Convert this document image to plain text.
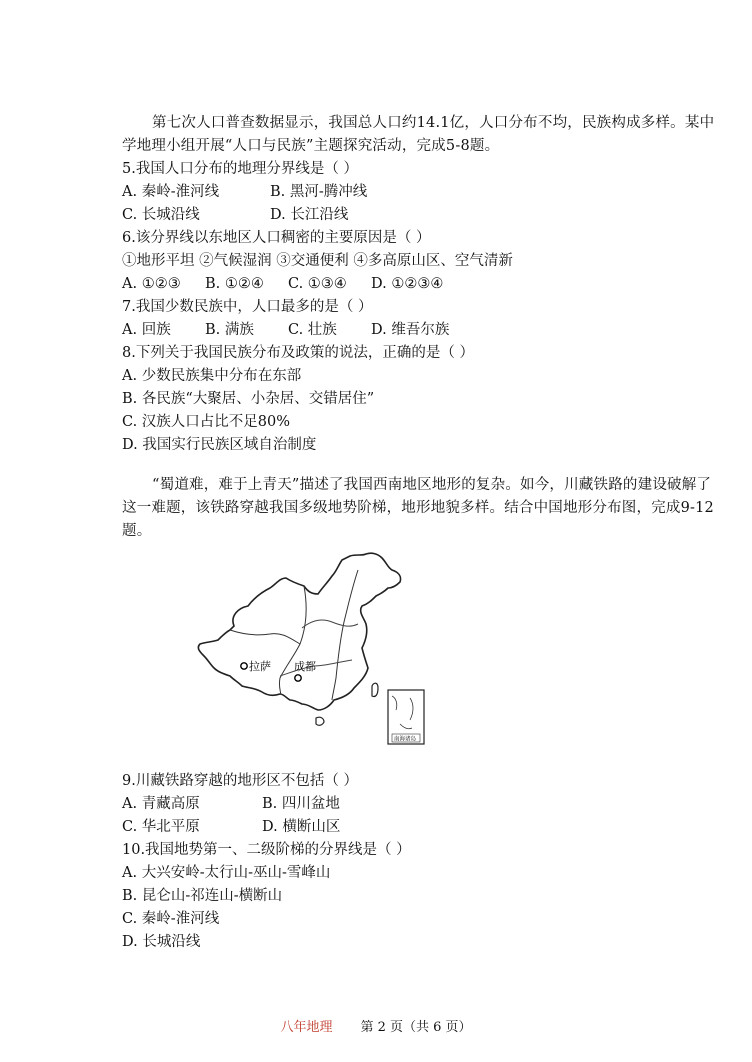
第七次人口普查数据显示，我国总人口约14.1亿，人口分布不均，民族构成多样。某中学地理小组开展“人口与民族”主题探究活动，完成5-8题。
5.我国人口分布的地理分界线是（ ）
A. 秦岭-淮河线	B. 黑河-腾冲线
C. 长城沿线	D. 长江沿线
6.该分界线以东地区人口稠密的主要原因是（ ）
①地形平坦 ②气候湿润 ③交通便利 ④多高原山区、空气清新
A. ①②③ B. ①②④ C. ①③④ D. ①②③④
7.我国少数民族中，人口最多的是（ ）
A. 回族 B. 满族 C. 壮族 D. 维吾尔族
8.下列关于我国民族分布及政策的说法，正确的是（ ）
A. 少数民族集中分布在东部
B. 各民族“大聚居、小杂居、交错居住”
C. 汉族人口占比不足80%
D. 我国实行民族区域自治制度
“蜀道难，难于上青天”描述了我国西南地区地形的复杂。如今，川藏铁路的建设破解了这一难题，该铁路穿越我国多级地势阶梯，地形地貌多样。结合中国地形分布图，完成9-12题。
拉萨 成都
南海诸岛
9.川藏铁路穿越的地形区不包括（ ）
A. 青藏高原	B. 四川盆地
C. 华北平原	D. 横断山区
10.我国地势第一、二级阶梯的分界线是（ ）
A. 大兴安岭-太行山-巫山-雪峰山
B. 昆仑山-祁连山-横断山
C. 秦岭-淮河线
D. 长城沿线
八年地理 第 2 页（共 6 页）
